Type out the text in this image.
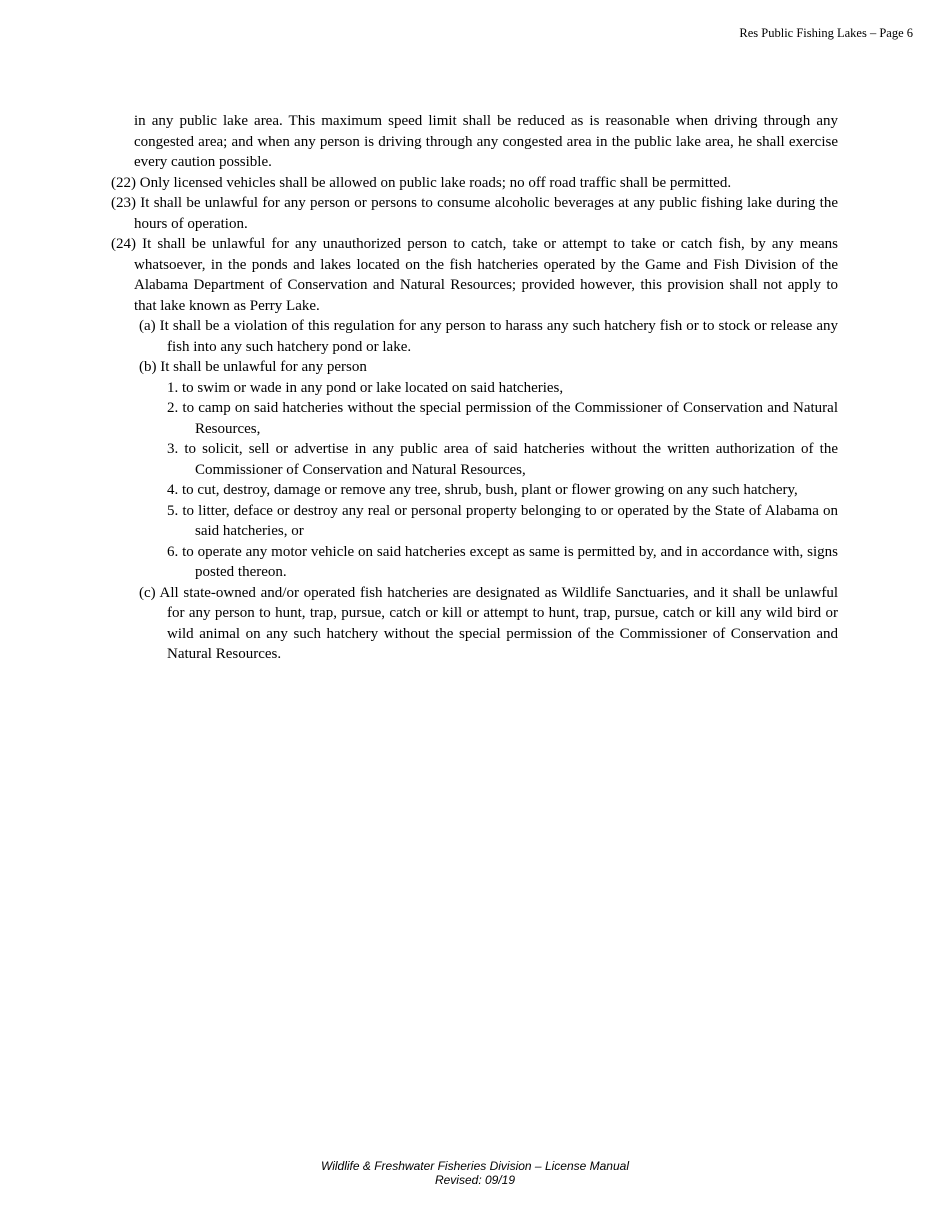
Res Public Fishing Lakes – Page 6

in any public lake area. This maximum speed limit shall be reduced as is reasonable when driving through any congested area; and when any person is driving through any congested area in the public lake area, he shall exercise every caution possible.

(22) Only licensed vehicles shall be allowed on public lake roads; no off road traffic shall be permitted.

(23) It shall be unlawful for any person or persons to consume alcoholic beverages at any public fishing lake during the hours of operation.

(24) It shall be unlawful for any unauthorized person to catch, take or attempt to take or catch fish, by any means whatsoever, in the ponds and lakes located on the fish hatcheries operated by the Game and Fish Division of the Alabama Department of Conservation and Natural Resources; provided however, this provision shall not apply to that lake known as Perry Lake.

(a) It shall be a violation of this regulation for any person to harass any such hatchery fish or to stock or release any fish into any such hatchery pond or lake.

(b) It shall be unlawful for any person

1. to swim or wade in any pond or lake located on said hatcheries,

2. to camp on said hatcheries without the special permission of the Commissioner of Conservation and Natural Resources,

3. to solicit, sell or advertise in any public area of said hatcheries without the written authorization of the Commissioner of Conservation and Natural Resources,

4. to cut, destroy, damage or remove any tree, shrub, bush, plant or flower growing on any such hatchery,

5. to litter, deface or destroy any real or personal property belonging to or operated by the State of Alabama on said hatcheries, or

6. to operate any motor vehicle on said hatcheries except as same is permitted by, and in accordance with, signs posted thereon.

(c) All state-owned and/or operated fish hatcheries are designated as Wildlife Sanctuaries, and it shall be unlawful for any person to hunt, trap, pursue, catch or kill or attempt to hunt, trap, pursue, catch or kill any wild bird or wild animal on any such hatchery without the special permission of the Commissioner of Conservation and Natural Resources.

Wildlife & Freshwater Fisheries Division – License Manual
Revised: 09/19
